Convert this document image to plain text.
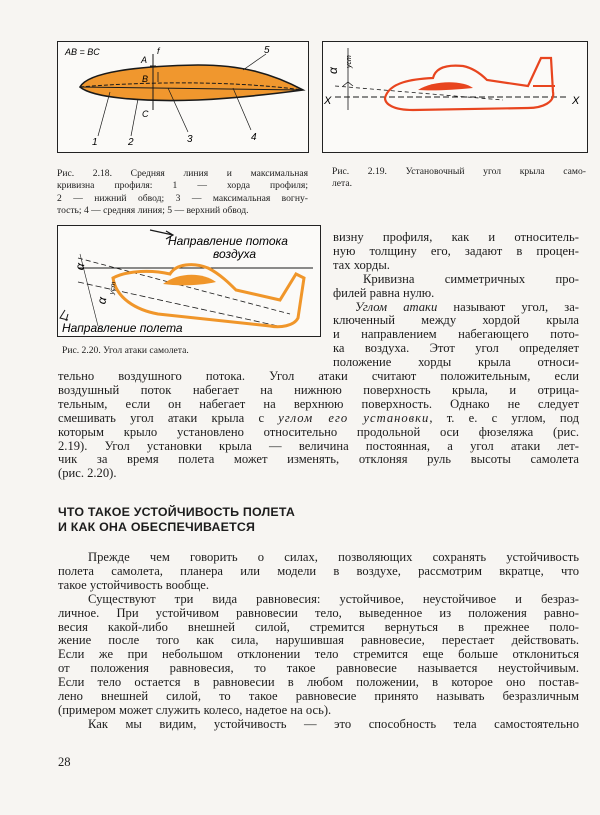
AB = BC
A
B
C
f
1	2	3	4
5
Рис. 2.18. Средняя линия и максимальная
кривизна профиля: 1 — хорда профиля;
2 — нижний обвод; 3 — максимальная вогну-
тость; 4 — средняя линия; 5 — верхний обвод.
α
уст
X	X
Рис. 2.19. Установочный угол крыла само-
лета.
Направление потока
воздуха
α
α
уст
Направление полета
Рис. 2.20. Угол атаки самолета.
визну профиля, как и относитель-
ную толщину его, задают в процен-
тах хорды.
Кривизна симметричных про-
филей равна нулю.
Углом атаки называют угол, за-
ключенный между хордой крыла
и направлением набегающего пото-
ка воздуха. Этот угол определяет
положение хорды крыла относи-
тельно воздушного потока. Угол атаки считают положительным, если
воздушный поток набегает на нижнюю поверхность крыла, и отрица-
тельным, если он набегает на верхнюю поверхность. Однако не следует
смешивать угол атаки крыла с углом его установки, т. е. с углом, под
которым крыло установлено относительно продольной оси фюзеляжа (рис.
2.19). Угол установки крыла — величина постоянная, а угол атаки лет-
чик за время полета может изменять, отклоняя руль высоты самолета
(рис. 2.20).
ЧТО ТАКОЕ УСТОЙЧИВОСТЬ ПОЛЕТА
И КАК ОНА ОБЕСПЕЧИВАЕТСЯ
Прежде чем говорить о силах, позволяющих сохранять устойчивость
полета самолета, планера или модели в воздухе, рассмотрим вкратце, что
такое устойчивость вообще.
Существуют три вида равновесия: устойчивое, неустойчивое и безраз-
личное. При устойчивом равновесии тело, выведенное из положения равно-
весия какой-либо внешней силой, стремится вернуться в прежнее поло-
жение после того как сила, нарушившая равновесие, перестает действовать.
Если же при небольшом отклонении тело стремится еще больше отклониться
от положения равновесия, то такое равновесие называется неустойчивым.
Если тело остается в равновесии в любом положении, в которое оно постав-
лено внешней силой, то такое равновесие принято называть безразличным
(примером может служить колесо, надетое на ось).
Как мы видим, устойчивость — это способность тела самостоятельно
28
